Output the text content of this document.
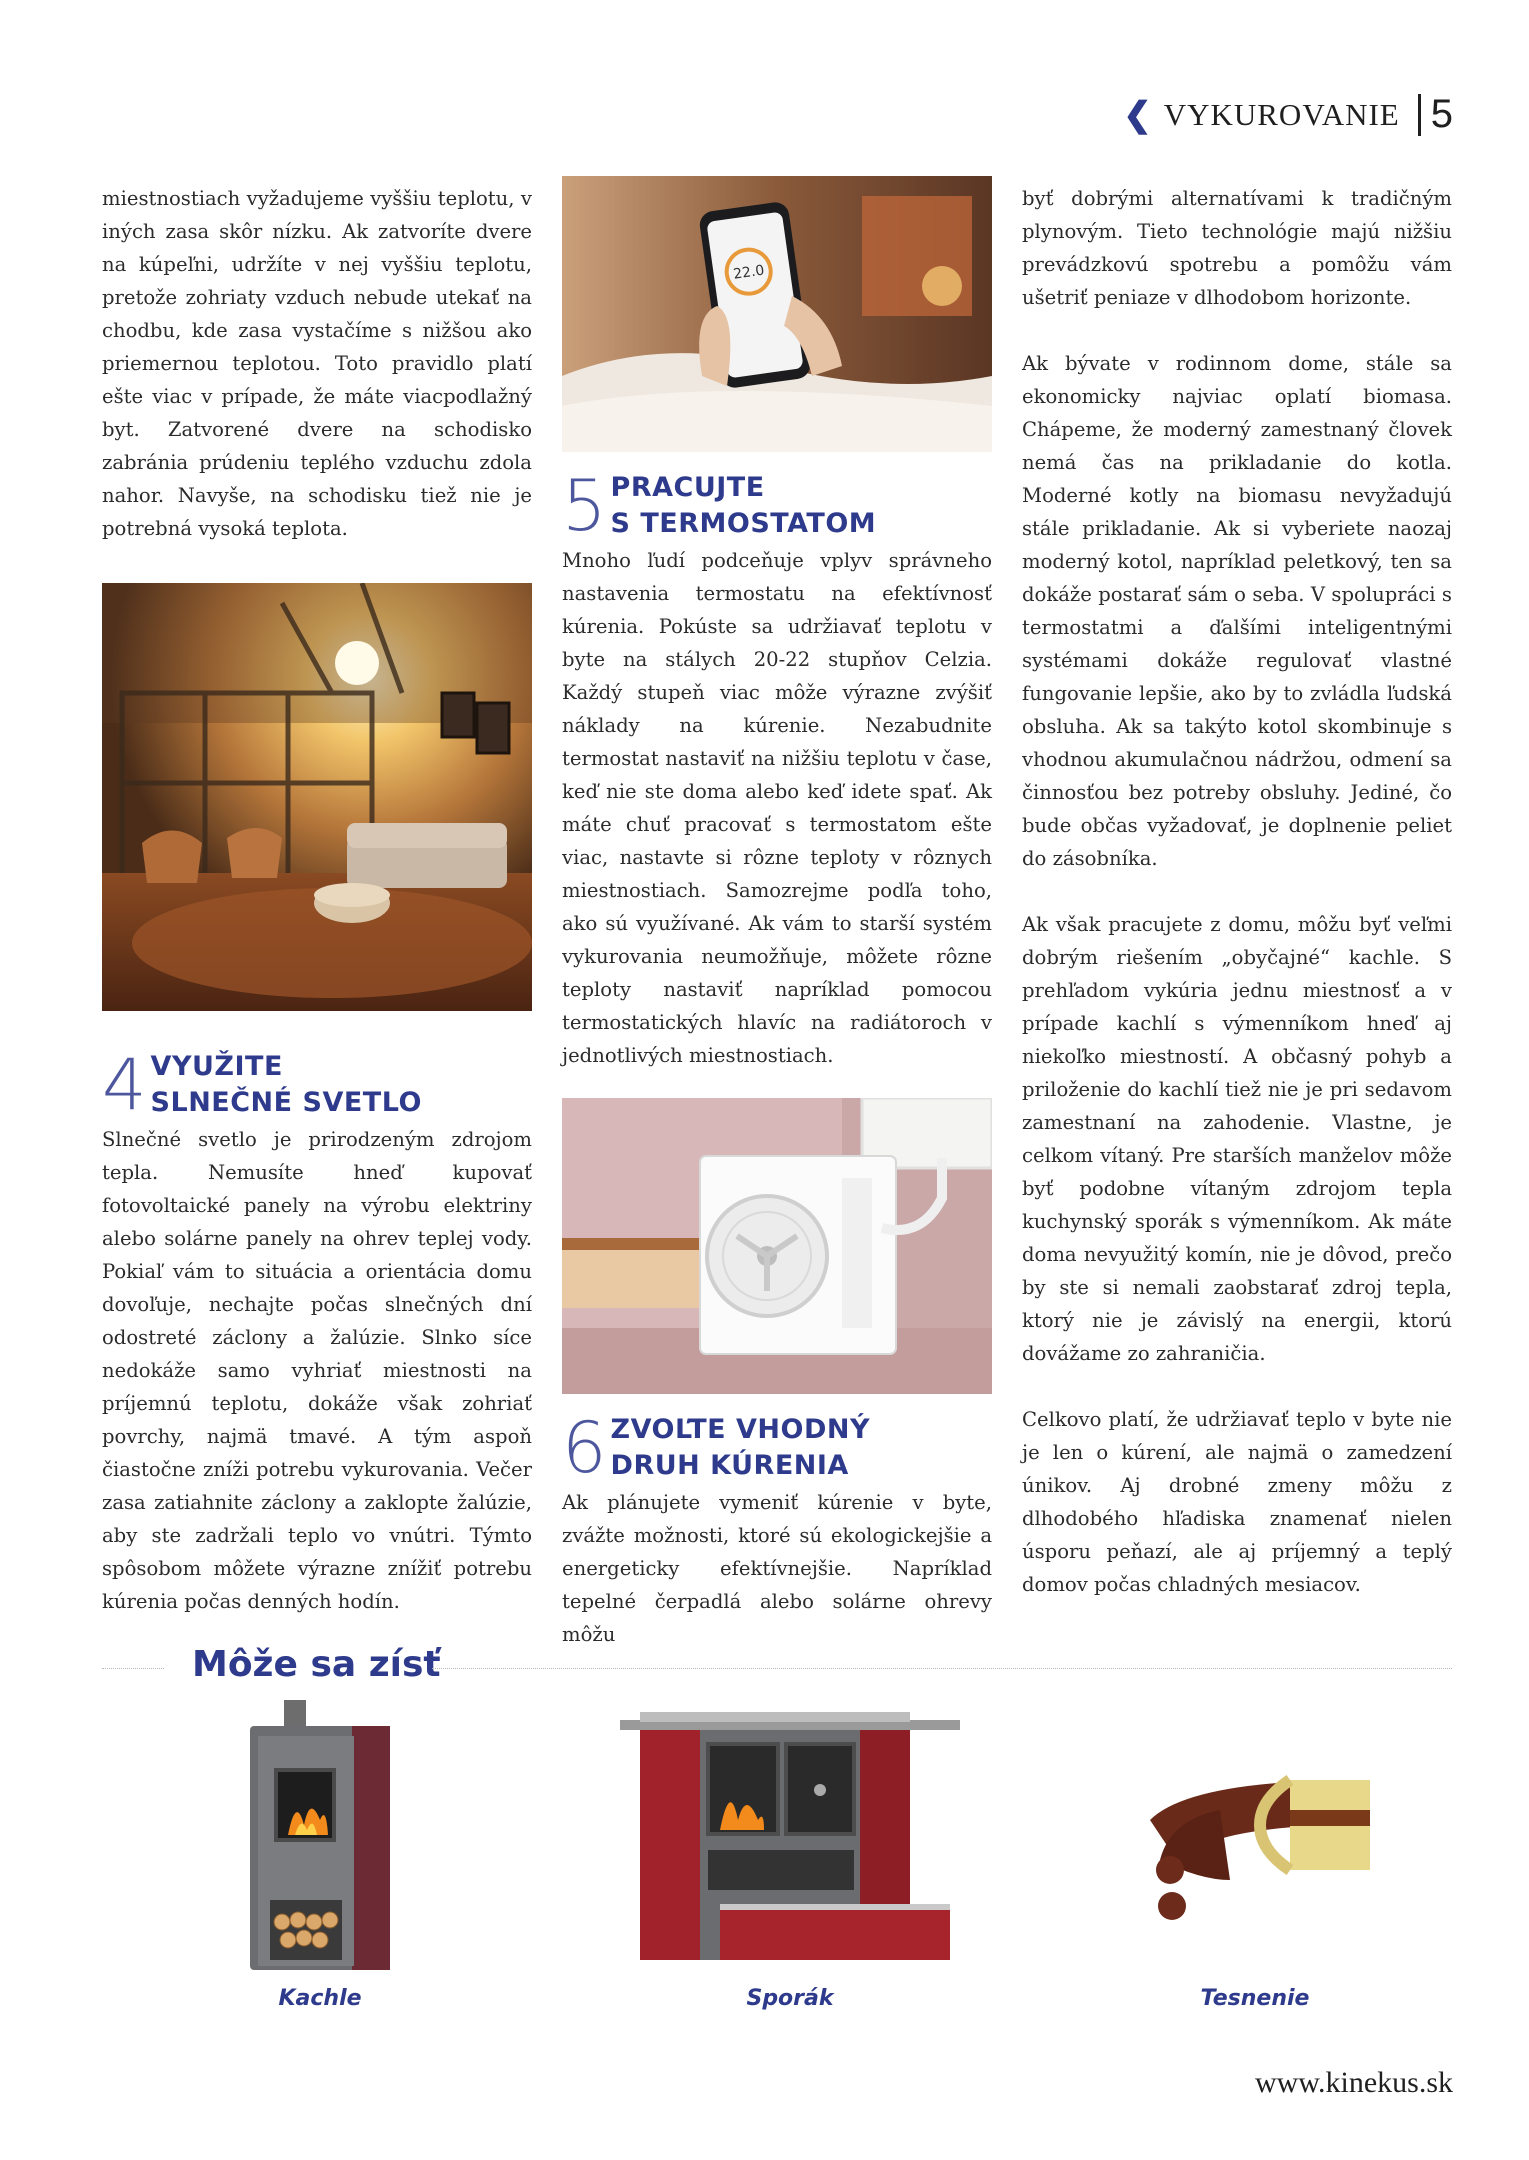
❮ VYKUROVANIE 5

miestnostiach vyžadujeme vyššiu teplotu, v iných zasa skôr nízku. Ak zatvoríte dvere na kúpeľni, udržíte v nej vyššiu teplotu, pretože zohriaty vzduch nebude utekať na chodbu, kde zasa vystačíme s nižšou ako priemernou teplotou. Toto pravidlo platí ešte viac v prípade, že máte viacpodlažný byt. Zatvorené dvere na schodisko zabránia prúdeniu teplého vzduchu zdola nahor. Navyše, na schodisku tiež nie je potrebná vysoká teplota.

4 VYUŽITE
SLNEČNÉ SVETLO

Slnečné svetlo je prirodzeným zdrojom tepla. Nemusíte hneď kupovať fotovoltaické panely na výrobu elektriny alebo solárne panely na ohrev teplej vody. Pokiaľ vám to situácia a orientácia domu dovoľuje, nechajte počas slnečných dní odostreté záclony a žalúzie. Slnko síce nedokáže samo vyhriať miestnosti na príjemnú teplotu, dokáže však zohriať povrchy, najmä tmavé. A tým aspoň čiastočne zníži potrebu vykurovania. Večer zasa zatiahnite záclony a zaklopte žalúzie, aby ste zadržali teplo vo vnútri. Týmto spôsobom môžete výrazne znížiť potrebu kúrenia počas denných hodín.

22.0
5 PRACUJTE
S TERMOSTATOM

Mnoho ľudí podceňuje vplyv správneho nastavenia termostatu na efektívnosť kúrenia. Pokúste sa udržiavať teplotu v byte na stálych 20-22 stupňov Celzia. Každý stupeň viac môže výrazne zvýšiť náklady na kúrenie. Nezabudnite termostat nastaviť na nižšiu teplotu v čase, keď nie ste doma alebo keď idete spať. Ak máte chuť pracovať s termostatom ešte viac, nastavte si rôzne teploty v rôznych miestnostiach. Samozrejme podľa toho, ako sú využívané. Ak vám to starší systém vykurovania neumožňuje, môžete rôzne teploty nastaviť napríklad pomocou termostatických hlavíc na radiátoroch v jednotlivých miestnostiach.

6 ZVOĽTE VHODNÝ
DRUH KÚRENIA

Ak plánujete vymeniť kúrenie v byte, zvážte možnosti, ktoré sú ekologickejšie a energeticky efektívnejšie. Napríklad tepelné čerpadlá alebo solárne ohrevy môžu

byť dobrými alternatívami k tradičným plynovým. Tieto technológie majú nižšiu prevádzkovú spotrebu a pomôžu vám ušetriť peniaze v dlhodobom horizonte.

Ak bývate v rodinnom dome, stále sa ekonomicky najviac oplatí biomasa. Chápeme, že moderný zamestnaný človek nemá čas na prikladanie do kotla. Moderné kotly na biomasu nevyžadujú stále prikladanie. Ak si vyberiete naozaj moderný kotol, napríklad peletkový, ten sa dokáže postarať sám o seba. V spolupráci s termostatmi a ďalšími inteligentnými systémami dokáže regulovať vlastné fungovanie lepšie, ako by to zvládla ľudská obsluha. Ak sa takýto kotol skombinuje s vhodnou akumulačnou nádržou, odmení sa činnosťou bez potreby obsluhy. Jediné, čo bude občas vyžadovať, je doplnenie peliet do zásobníka.

Ak však pracujete z domu, môžu byť veľmi dobrým riešením „obyčajné“ kachle. S prehľadom vykúria jednu miestnosť a v prípade kachlí s výmenníkom hneď aj niekoľko miestností. A občasný pohyb a priloženie do kachlí tiež nie je pri sedavom zamestnaní na zahodenie. Vlastne, je celkom vítaný. Pre starších manželov môže byť podobne vítaným zdrojom tepla kuchynský sporák s výmenníkom. Ak máte doma nevyužitý komín, nie je dôvod, prečo by ste si nemali zaobstarať zdroj tepla, ktorý nie je závislý na energii, ktorú dovážame zo zahraničia.

Celkovo platí, že udržiavať teplo v byte nie je len o kúrení, ale najmä o zamedzení únikov. Aj drobné zmeny môžu z dlhodobého hľadiska znamenať nielen úsporu peňazí, ale aj príjemný a teplý domov počas chladných mesiacov.

Môže sa zísť
Kachle	Sporák	Tesnenie
www.kinekus.sk
